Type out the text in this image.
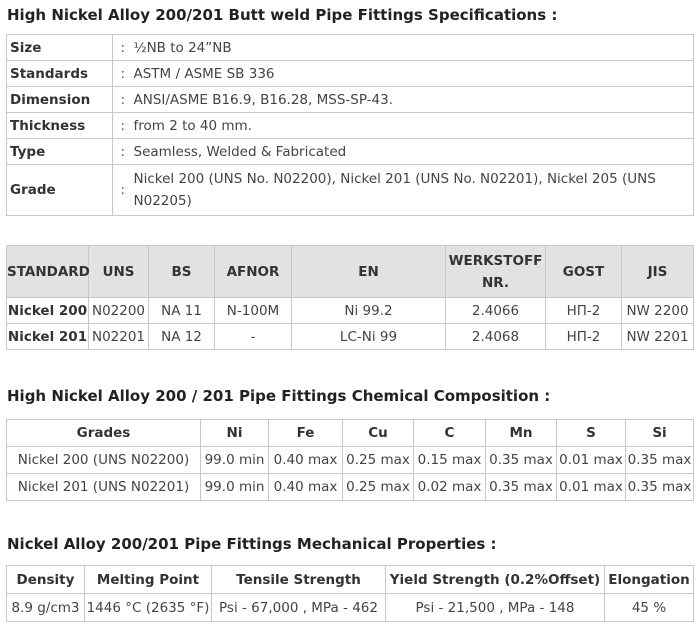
High Nickel Alloy 200/201 Butt weld Pipe Fittings Specifications :
Size	:	½NB to 24”NB
Standards	:	ASTM / ASME SB 336
Dimension	:	ANSI/ASME B16.9, B16.28, MSS-SP-43.
Thickness	:	from 2 to 40 mm.
Type	:	Seamless, Welded & Fabricated
Grade	:	Nickel 200 (UNS No. N02200), Nickel 201 (UNS No. N02201), Nickel 205 (UNS N02205)
STANDARD	UNS	BS	AFNOR	EN	WERKSTOFF NR.	GOST	JIS
Nickel 200	N02200	NA 11	N-100M	Ni 99.2	2.4066	НП-2	NW 2200
Nickel 201	N02201	NA 12	-	LC-Ni 99	2.4068	НП-2	NW 2201
High Nickel Alloy 200 / 201 Pipe Fittings Chemical Composition :
Grades	Ni	Fe	Cu	C	Mn	S	Si
Nickel 200 (UNS N02200)	99.0 min	0.40 max	0.25 max	0.15 max	0.35 max	0.01 max	0.35 max
Nickel 201 (UNS N02201)	99.0 min	0.40 max	0.25 max	0.02 max	0.35 max	0.01 max	0.35 max
Nickel Alloy 200/201 Pipe Fittings Mechanical Properties :
Density	Melting Point	Tensile Strength	Yield Strength (0.2%Offset)	Elongation
8.9 g/cm3	1446 °C (2635 °F)	Psi - 67,000 , MPa - 462	Psi - 21,500 , MPa - 148	45 %
